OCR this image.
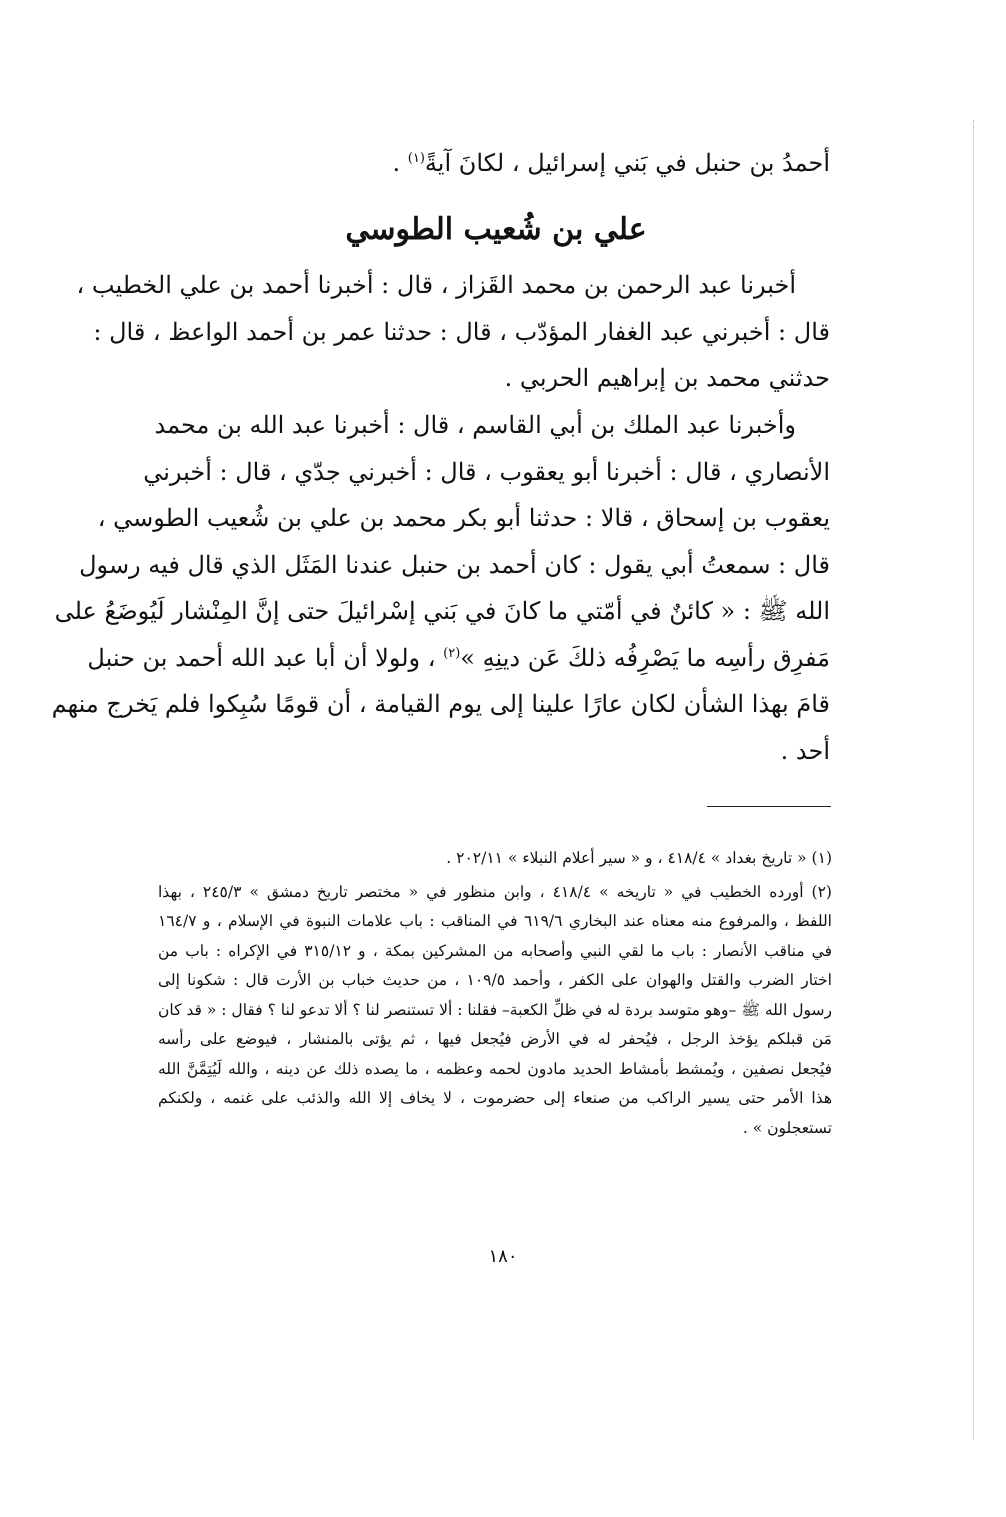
أحمدُ بن حنبل في بَني إسرائيل ، لكانَ آيةً$^{(١)}$ .
علي بن شُعيب الطوسي
أخبرنا عبد الرحمن بن محمد القَزاز ، قال : أخبرنا أحمد بن علي الخطيب ،
قال : أخبرني عبد الغفار المؤدّب ، قال : حدثنا عمر بن أحمد الواعظ ، قال :
حدثني محمد بن إبراهيم الحربي .
وأخبرنا عبد الملك بن أبي القاسم ، قال : أخبرنا عبد الله بن محمد
الأنصاري ، قال : أخبرنا أبو يعقوب ، قال : أخبرني جدّي ، قال : أخبرني
يعقوب بن إسحاق ، قالا : حدثنا أبو بكر محمد بن علي بن شُعيب الطوسي ،
قال : سمعتُ أبي يقول : كان أحمد بن حنبل عندنا المَثَل الذي قال فيه رسول
الله ﷺ : « كائنٌ في أمّتي ما كانَ في بَني إسْرائيلَ حتى إنَّ المِنْشار لَيُوضَعُ على
مَفرِق رأسِه ما يَصْرِفُه ذلكَ عَن دينِهِ »$^{(٢)}$ ، ولولا أن أبا عبد الله أحمد بن حنبل
قامَ بهذا الشأن لكان عارًا علينا إلى يوم القيامة ، أن قومًا سُبِكوا فلم يَخرج منهم
أحد .
(١) « تاريخ بغداد » ٤١٨/٤ ، و « سير أعلام النبلاء » ٢٠٢/١١ .
(٢) أورده الخطيب في « تاريخه » ٤١٨/٤ ، وابن منظور في « مختصر تاريخ دمشق » ٢٤٥/٣ ، بهذا
اللفظ ، والمرفوع منه معناه عند البخاري ٦١٩/٦ في المناقب : باب علامات النبوة في الإسلام ، و ١٦٤/٧
في مناقب الأنصار : باب ما لقي النبي وأصحابه من المشركين بمكة ، و ٣١٥/١٢ في الإكراه : باب من
اختار الضرب والقتل والهوان على الكفر ، وأحمد ١٠٩/٥ ، من حديث خباب بن الأرت قال : شكونا إلى
رسول الله ﷺ –وهو متوسد بردة له في ظلِّ الكعبة– فقلنا : ألا تستنصر لنا ؟ ألا تدعو لنا ؟ فقال : « قد كان
مَن قبلكم يؤخذ الرجل ، فيُحفر له في الأرض فيُجعل فيها ، ثم يؤتى بالمنشار ، فيوضع على رأسه
فيُجعل نصفين ، ويُمشط بأمشاط الحديد مادون لحمه وعظمه ، ما يصده ذلك عن دينه ، والله لَيُتِمَّنَّ الله
هذا الأمر حتى يسير الراكب من صنعاء إلى حضرموت ، لا يخاف إلا الله والذئب على غنمه ، ولكنكم
تستعجلون » .
١٨٠
